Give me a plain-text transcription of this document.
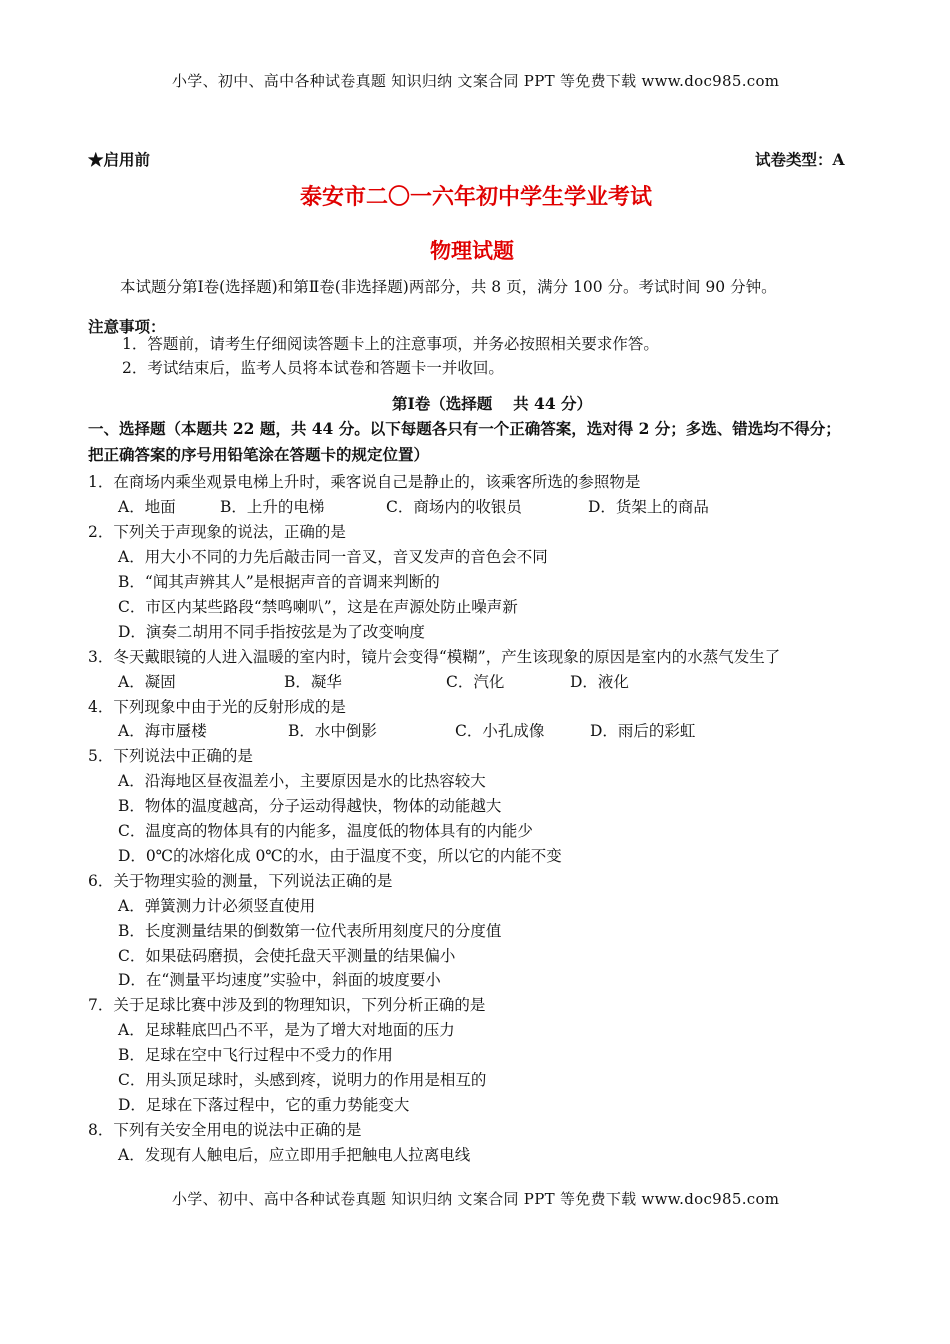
小学、初中、高中各种试卷真题 知识归纳 文案合同 PPT 等免费下载 www.doc985.com
小学、初中、高中各种试卷真题 知识归纳 文案合同 PPT 等免费下载 www.doc985.com
★启用前	试卷类型：A
泰安市二〇一六年初中学生学业考试
物理试题
本试题分第Ⅰ卷(选择题)和第Ⅱ卷(非选择题)两部分，共 8 页，满分 100 分。考试时间 90 分钟。
注意事项：
1．答题前，请考生仔细阅读答题卡上的注意事项，并务必按照相关要求作答。
2．考试结束后，监考人员将本试卷和答题卡一并收回。
第Ⅰ卷（选择题　 共 44 分）
一、选择题（本题共 22 题，共 44 分。以下每题各只有一个正确答案，选对得 2 分；多选、错选均不得分；
把正确答案的序号用铅笔涂在答题卡的规定位置）
1．在商场内乘坐观景电梯上升时，乘客说自己是静止的，该乘客所选的参照物是
A．地面	B．上升的电梯	C．商场内的收银员	D．货架上的商品
2．下列关于声现象的说法，正确的是
A．用大小不同的力先后敲击同一音叉，音叉发声的音色会不同
B．“闻其声辨其人”是根据声音的音调来判断的
C．市区内某些路段“禁鸣喇叭”，这是在声源处防止噪声新
D．演奏二胡用不同手指按弦是为了改变响度
3．冬天戴眼镜的人进入温暖的室内时，镜片会变得“模糊”，产生该现象的原因是室内的水蒸气发生了
A．凝固	B．凝华	C．汽化	D．液化
4．下列现象中由于光的反射形成的是
A．海市蜃楼	B．水中倒影	C．小孔成像	D．雨后的彩虹
5．下列说法中正确的是
A．沿海地区昼夜温差小，主要原因是水的比热容较大
B．物体的温度越高，分子运动得越快，物体的动能越大
C．温度高的物体具有的内能多，温度低的物体具有的内能少
D．0℃的冰熔化成 0℃的水，由于温度不变，所以它的内能不变
6．关于物理实验的测量，下列说法正确的是
A．弹簧测力计必须竖直使用
B．长度测量结果的倒数第一位代表所用刻度尺的分度值
C．如果砝码磨损，会使托盘天平测量的结果偏小
D．在“测量平均速度”实验中，斜面的坡度要小
7．关于足球比赛中涉及到的物理知识，下列分析正确的是
A．足球鞋底凹凸不平，是为了增大对地面的压力
B．足球在空中飞行过程中不受力的作用
C．用头顶足球时，头感到疼，说明力的作用是相互的
D．足球在下落过程中，它的重力势能变大
8．下列有关安全用电的说法中正确的是
A．发现有人触电后，应立即用手把触电人拉离电线
